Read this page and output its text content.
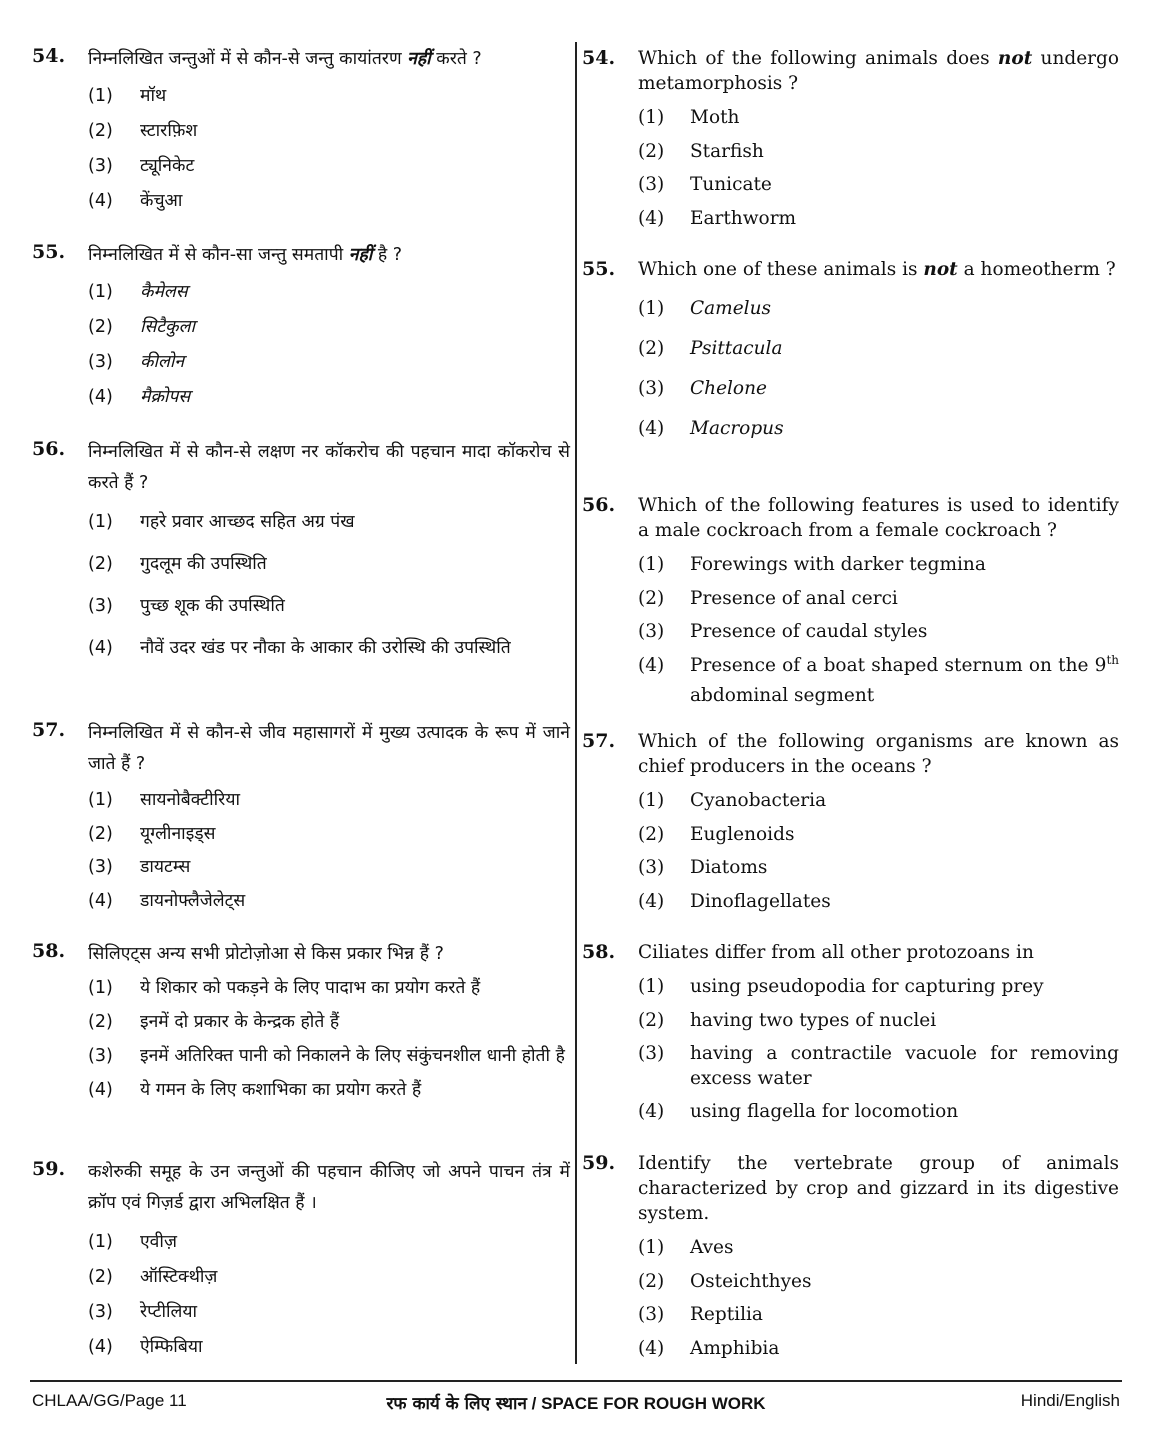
54.	निम्नलिखित जन्तुओं में से कौन-से जन्तु कायांतरण नहीं करते ?
(1)	मॉथ
(2)	स्टारफ़िश
(3)	ट्यूनिकेट
(4)	केंचुआ
55.	निम्नलिखित में से कौन-सा जन्तु समतापी नहीं है ?
(1)	कैमेलस
(2)	सिटैकुला
(3)	कीलोन
(4)	मैक्रोपस
56.	निम्नलिखित में से कौन-से लक्षण नर कॉकरोच की पहचान मादा कॉकरोच से करते हैं ?
(1)	गहरे प्रवार आच्छद सहित अग्र पंख
(2)	गुदलूम की उपस्थिति
(3)	पुच्छ शूक की उपस्थिति
(4)	नौवें उदर खंड पर नौका के आकार की उरोस्थि की उपस्थिति
57.	निम्नलिखित में से कौन-से जीव महासागरों में मुख्य उत्पादक के रूप में जाने जाते हैं ?
(1)	सायनोबैक्टीरिया
(2)	यूग्लीनाइड्स
(3)	डायटम्स
(4)	डायनोफ्लैजेलेट्स
58.	सिलिएट्स अन्य सभी प्रोटोज़ोआ से किस प्रकार भिन्न हैं ?
(1)	ये शिकार को पकड़ने के लिए पादाभ का प्रयोग करते हैं
(2)	इनमें दो प्रकार के केन्द्रक होते हैं
(3)	इनमें अतिरिक्त पानी को निकालने के लिए संकुंचनशील धानी होती है
(4)	ये गमन के लिए कशाभिका का प्रयोग करते हैं
59.	कशेरुकी समूह के उन जन्तुओं की पहचान कीजिए जो अपने पाचन तंत्र में क्रॉप एवं गिज़र्ड द्वारा अभिलक्षित हैं ।
(1)	एवीज़
(2)	ऑस्टिक्थीज़
(3)	रेप्टीलिया
(4)	ऐम्फिबिया
54.	Which of the following animals does not undergo metamorphosis ?
(1)	Moth
(2)	Starfish
(3)	Tunicate
(4)	Earthworm
55.	Which one of these animals is not a homeotherm ?
(1)	Camelus
(2)	Psittacula
(3)	Chelone
(4)	Macropus
56.	Which of the following features is used to identify a male cockroach from a female cockroach ?
(1)	Forewings with darker tegmina
(2)	Presence of anal cerci
(3)	Presence of caudal styles
(4)	Presence of a boat shaped sternum on the 9th abdominal segment
57.	Which of the following organisms are known as chief producers in the oceans ?
(1)	Cyanobacteria
(2)	Euglenoids
(3)	Diatoms
(4)	Dinoflagellates
58.	Ciliates differ from all other protozoans in
(1)	using pseudopodia for capturing prey
(2)	having two types of nuclei
(3)	having a contractile vacuole for removing excess water
(4)	using flagella for locomotion
59.	Identify the vertebrate group of animals characterized by crop and gizzard in its digestive system.
(1)	Aves
(2)	Osteichthyes
(3)	Reptilia
(4)	Amphibia
CHLAA/GG/Page 11	रफ कार्य के लिए स्थान / SPACE FOR ROUGH WORK	Hindi/English
